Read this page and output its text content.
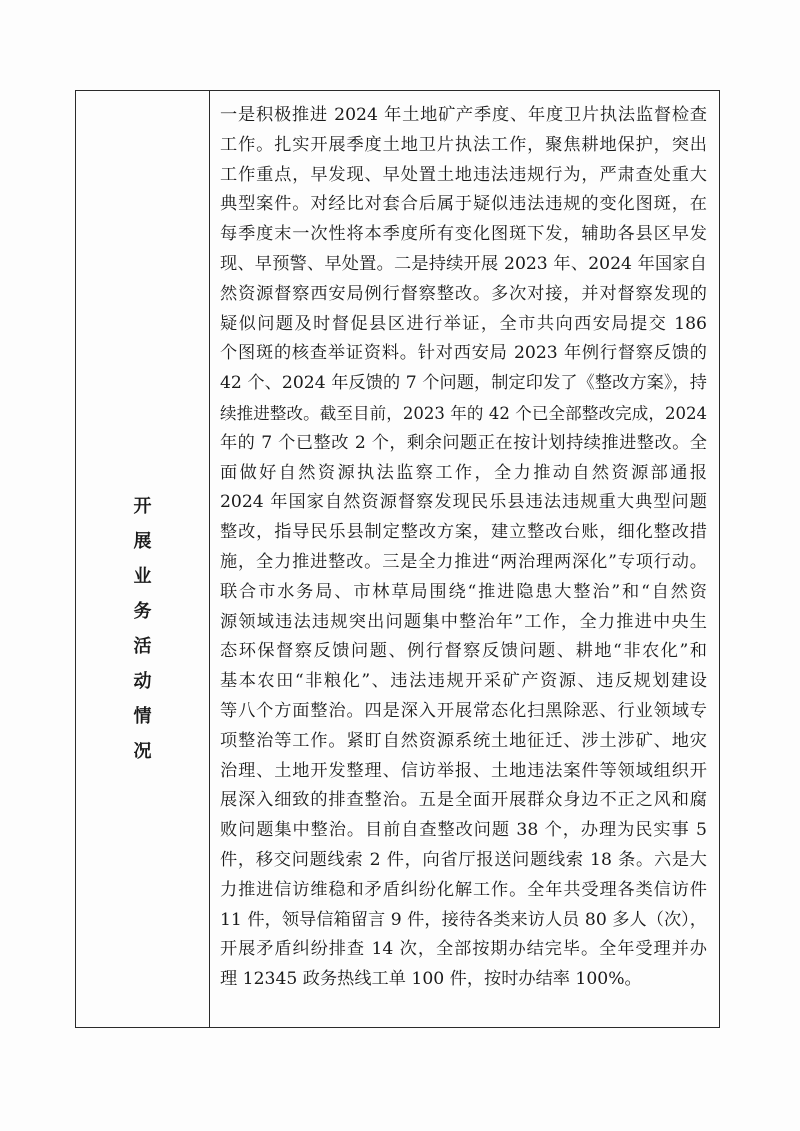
开
展
业
务
活
动
情
况
一是积极推进 2024 年土地矿产季度、年度卫片执法监督检查
工作。扎实开展季度土地卫片执法工作，聚焦耕地保护，突出
工作重点，早发现、早处置土地违法违规行为，严肃查处重大
典型案件。对经比对套合后属于疑似违法违规的变化图斑，在
每季度末一次性将本季度所有变化图斑下发，辅助各县区早发
现、早预警、早处置。二是持续开展 2023 年、2024 年国家自
然资源督察西安局例行督察整改。多次对接，并对督察发现的
疑似问题及时督促县区进行举证，全市共向西安局提交 186
个图斑的核查举证资料。针对西安局 2023 年例行督察反馈的
42 个、2024 年反馈的 7 个问题，制定印发了《整改方案》，持
续推进整改。截至目前，2023 年的 42 个已全部整改完成，2024
年的 7 个已整改 2 个，剩余问题正在按计划持续推进整改。全
面做好自然资源执法监察工作，全力推动自然资源部通报
2024 年国家自然资源督察发现民乐县违法违规重大典型问题
整改，指导民乐县制定整改方案，建立整改台账，细化整改措
施，全力推进整改。三是全力推进“两治理两深化”专项行动。
联合市水务局、市林草局围绕“推进隐患大整治”和“自然资
源领域违法违规突出问题集中整治年”工作，全力推进中央生
态环保督察反馈问题、例行督察反馈问题、耕地“非农化”和
基本农田“非粮化”、违法违规开采矿产资源、违反规划建设
等八个方面整治。四是深入开展常态化扫黑除恶、行业领域专
项整治等工作。紧盯自然资源系统土地征迁、涉土涉矿、地灾
治理、土地开发整理、信访举报、土地违法案件等领域组织开
展深入细致的排查整治。五是全面开展群众身边不正之风和腐
败问题集中整治。目前自查整改问题 38 个，办理为民实事 5
件，移交问题线索 2 件，向省厅报送问题线索 18 条。六是大
力推进信访维稳和矛盾纠纷化解工作。全年共受理各类信访件
11 件，领导信箱留言 9 件，接待各类来访人员 80 多人（次），
开展矛盾纠纷排查 14 次，全部按期办结完毕。全年受理并办
理 12345 政务热线工单 100 件，按时办结率 100%。
